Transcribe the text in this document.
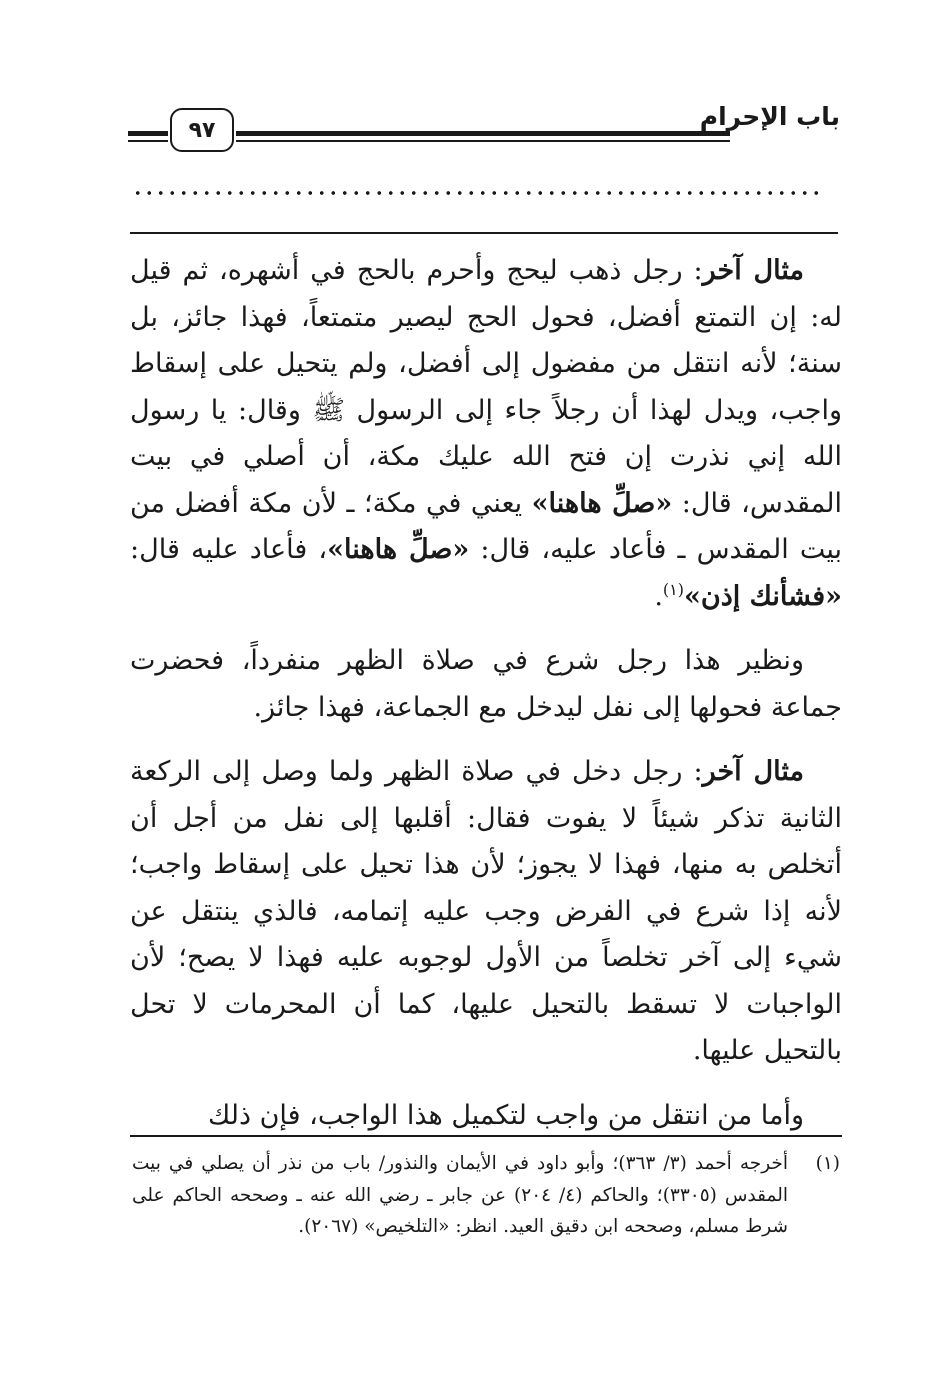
٩٧	باب الإحرام

مثال آخر: رجل ذهب ليحج وأحرم بالحج في أشهره، ثم قيل له: إن التمتع أفضل، فحول الحج ليصير متمتعاً، فهذا جائز، بل سنة؛ لأنه انتقل من مفضول إلى أفضل، ولم يتحيل على إسقاط واجب، ويدل لهذا أن رجلاً جاء إلى الرسول ﷺ وقال: يا رسول الله إني نذرت إن فتح الله عليك مكة، أن أصلي في بيت المقدس، قال: «صلِّ هاهنا» يعني في مكة؛ ـ لأن مكة أفضل من بيت المقدس ـ فأعاد عليه، قال: «صلِّ هاهنا»، فأعاد عليه قال: «فشأنك إذن»$^{(١)}$.

ونظير هذا رجل شرع في صلاة الظهر منفرداً، فحضرت جماعة فحولها إلى نفل ليدخل مع الجماعة، فهذا جائز.

مثال آخر: رجل دخل في صلاة الظهر ولما وصل إلى الركعة الثانية تذكر شيئاً لا يفوت فقال: أقلبها إلى نفل من أجل أن أتخلص به منها، فهذا لا يجوز؛ لأن هذا تحيل على إسقاط واجب؛ لأنه إذا شرع في الفرض وجب عليه إتمامه، فالذي ينتقل عن شيء إلى آخر تخلصاً من الأول لوجوبه عليه فهذا لا يصح؛ لأن الواجبات لا تسقط بالتحيل عليها، كما أن المحرمات لا تحل بالتحيل عليها.

وأما من انتقل من واجب لتكميل هذا الواجب، فإن ذلك

(١)
أخرجه أحمد (٣/ ٣٦٣)؛ وأبو داود في الأيمان والنذور/ باب من نذر أن يصلي في بيت المقدس (٣٣٠٥)؛ والحاكم (٤/ ٢٠٤) عن جابر ـ رضي الله عنه ـ وصححه الحاكم على شرط مسلم، وصححه ابن دقيق العيد. انظر: «التلخيص» (٢٠٦٧).
